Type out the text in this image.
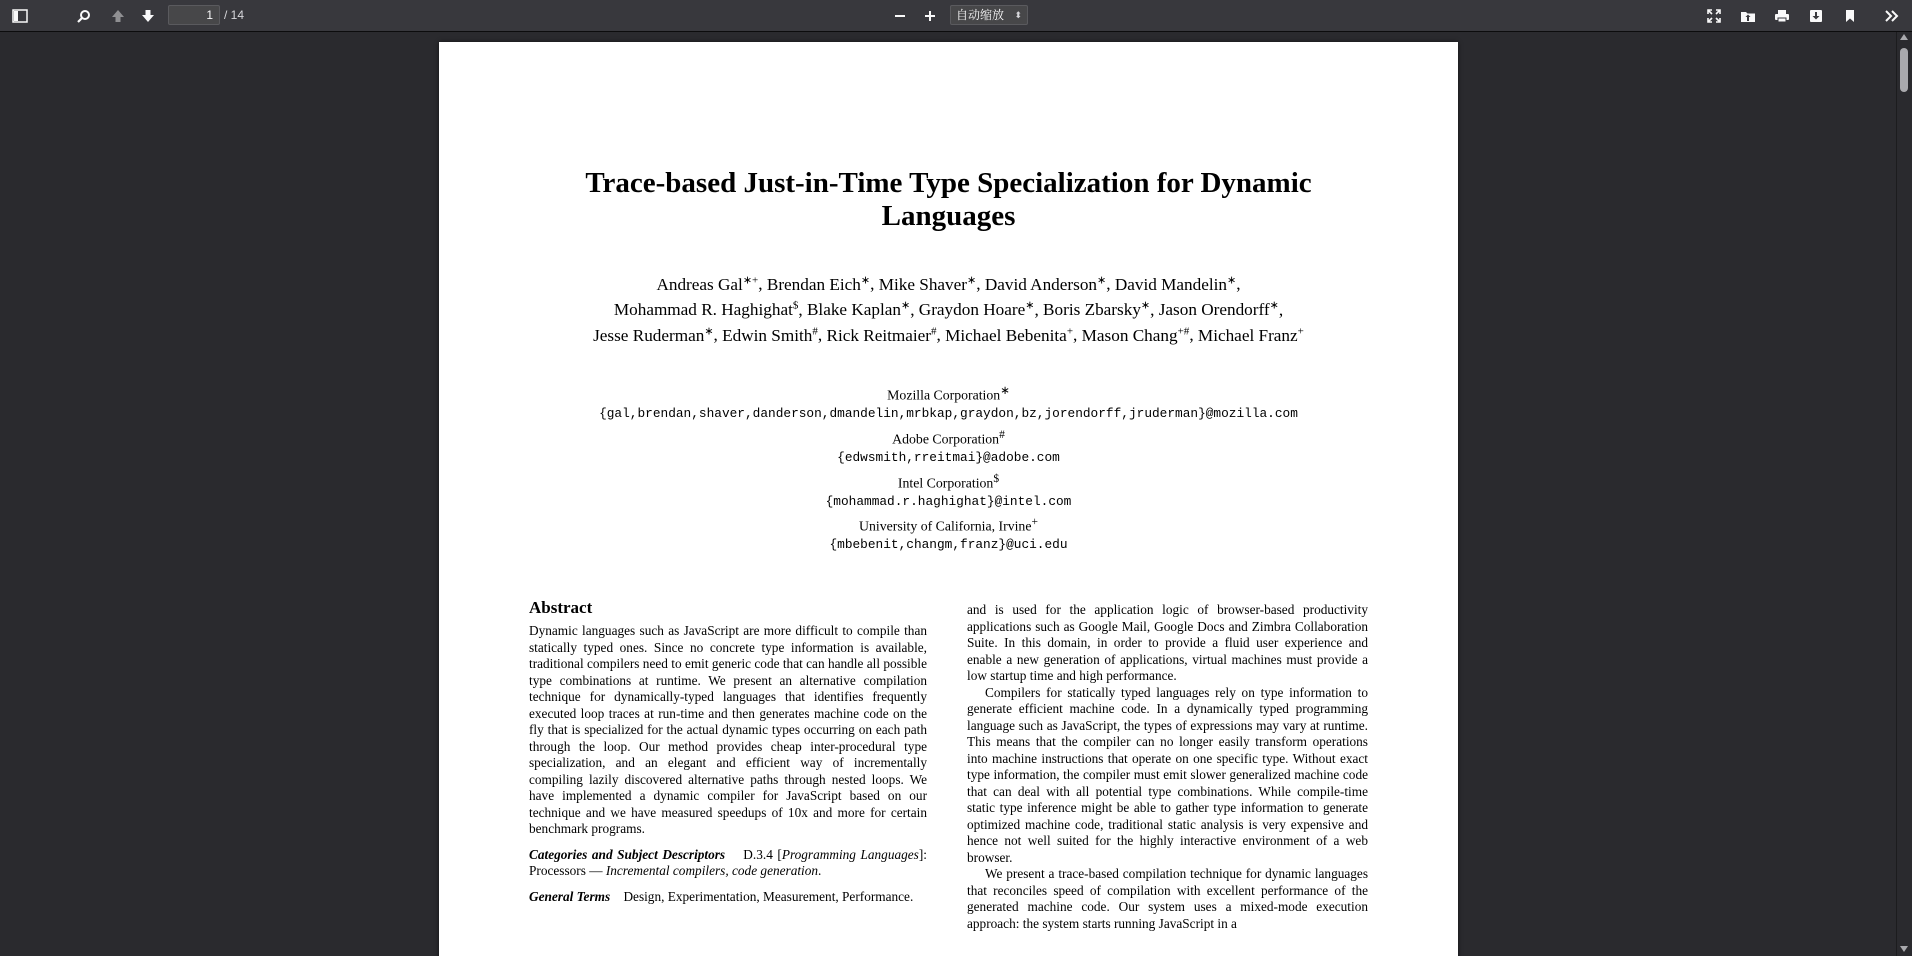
1 / 14	自动缩放 ⬍
Trace-based Just-in-Time Type Specialization for Dynamic Languages
Andreas Gal∗+, Brendan Eich∗, Mike Shaver∗, David Anderson∗, David Mandelin∗,
Mohammad R. Haghighat$, Blake Kaplan∗, Graydon Hoare∗, Boris Zbarsky∗, Jason Orendorff∗,
Jesse Ruderman∗, Edwin Smith#, Rick Reitmaier#, Michael Bebenita+, Mason Chang+#, Michael Franz+
Mozilla Corporation∗
{gal,brendan,shaver,danderson,dmandelin,mrbkap,graydon,bz,jorendorff,jruderman}@mozilla.com
Adobe Corporation#
{edwsmith,rreitmai}@adobe.com
Intel Corporation$
{mohammad.r.haghighat}@intel.com
University of California, Irvine+
{mbebenit,changm,franz}@uci.edu
Abstract

Dynamic languages such as JavaScript are more difficult to compile than statically typed ones. Since no concrete type information is available, traditional compilers need to emit generic code that can handle all possible type combinations at runtime. We present an alternative compilation technique for dynamically-typed languages that identifies frequently executed loop traces at run-time and then generates machine code on the fly that is specialized for the actual dynamic types occurring on each path through the loop. Our method provides cheap inter-procedural type specialization, and an elegant and efficient way of incrementally compiling lazily discovered alternative paths through nested loops. We have implemented a dynamic compiler for JavaScript based on our technique and we have measured speedups of 10x and more for certain benchmark programs.

Categories and Subject Descriptors D.3.4 [Programming Languages]: Processors — Incremental compilers, code generation.

General Terms Design, Experimentation, Measurement, Performance.

and is used for the application logic of browser-based productivity applications such as Google Mail, Google Docs and Zimbra Collaboration Suite. In this domain, in order to provide a fluid user experience and enable a new generation of applications, virtual machines must provide a low startup time and high performance.

Compilers for statically typed languages rely on type information to generate efficient machine code. In a dynamically typed programming language such as JavaScript, the types of expressions may vary at runtime. This means that the compiler can no longer easily transform operations into machine instructions that operate on one specific type. Without exact type information, the compiler must emit slower generalized machine code that can deal with all potential type combinations. While compile-time static type inference might be able to gather type information to generate optimized machine code, traditional static analysis is very expensive and hence not well suited for the highly interactive environment of a web browser.

We present a trace-based compilation technique for dynamic languages that reconciles speed of compilation with excellent performance of the generated machine code. Our system uses a mixed-mode execution approach: the system starts running JavaScript in a
